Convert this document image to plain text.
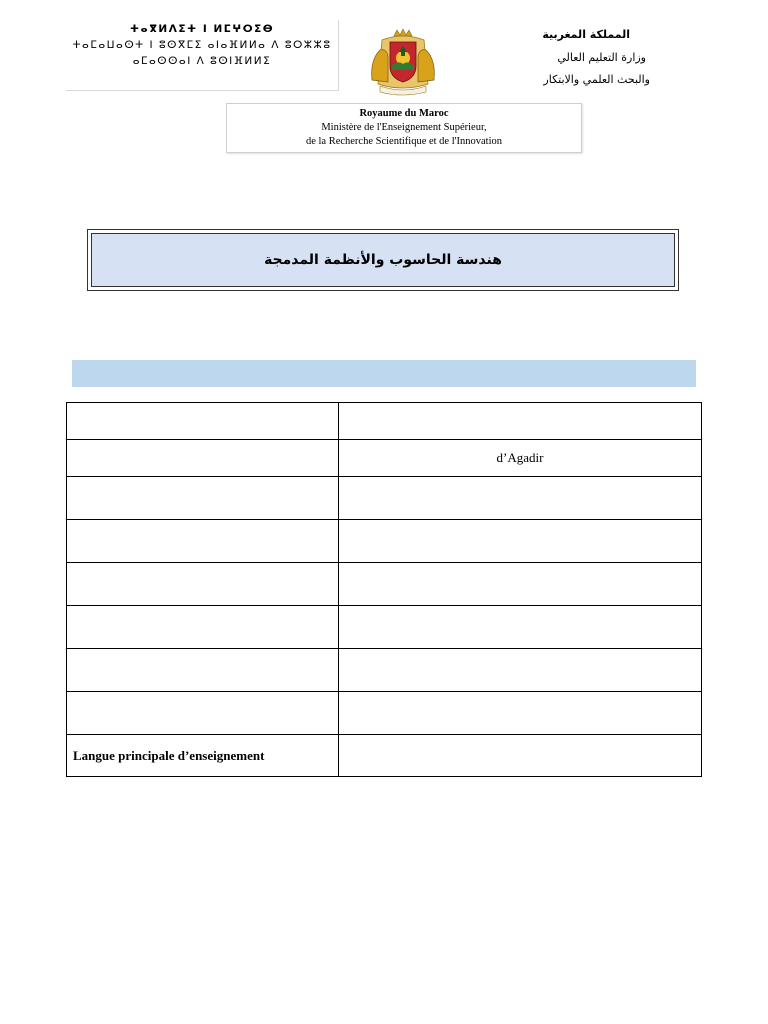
ⵜⴰⴳⵍⴷⵉⵜ ⵏ ⵍⵎⵖⵔⵉⴱ
ⵜⴰⵎⴰⵡⴰⵙⵜ ⵏ ⵓⵙⴳⵎⵉ ⴰⵏⴰⴼⵍⵍⴰ ⴷ ⵓⵔⵣⵣⵓ
ⴰⵎⴰⵙⵙⴰⵏ ⴷ ⵓⵙⵏⴼⵍⵍⵉ
المملكة المغربية
وزارة التعليم العالي
والبحث العلمي والابتكار
Royaume du Maroc
Ministère de l'Enseignement Supérieur,
de la Recherche Scientifique et de l'Innovation
هندسة الحاسوب والأنظمة المدمجة

	d’Agadir

Langue principale d’enseignement	
